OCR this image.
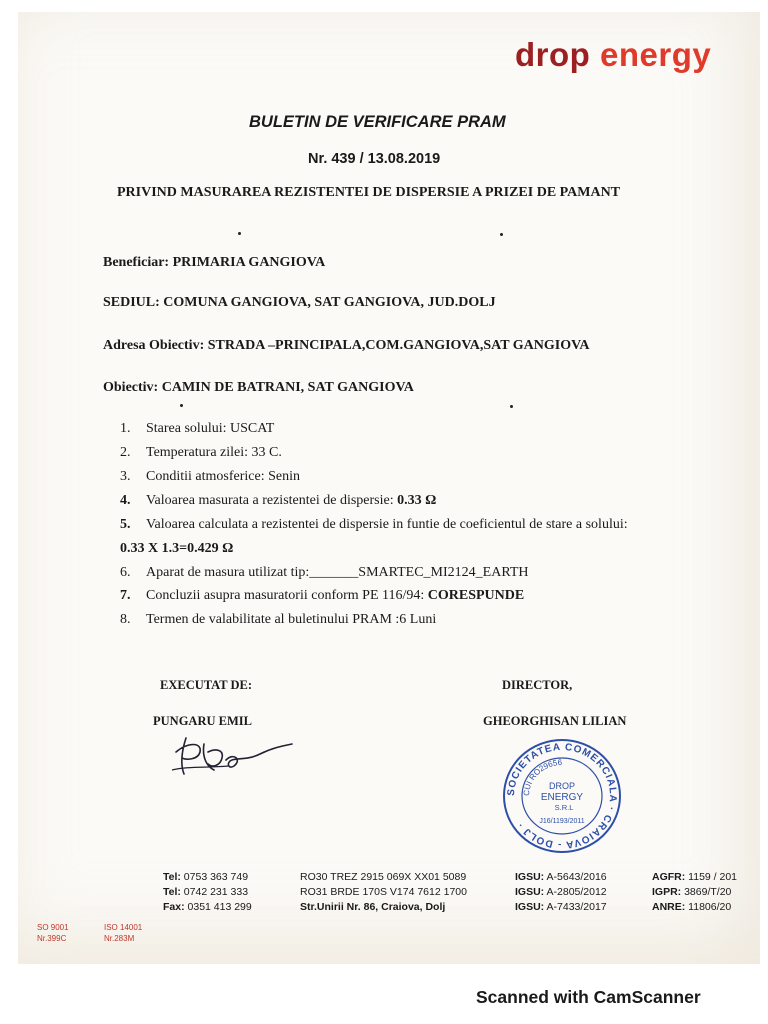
drop energy
BULETIN DE VERIFICARE PRAM
Nr. 439 / 13.08.2019
PRIVIND MASURAREA REZISTENTEI DE DISPERSIE A PRIZEI DE PAMANT
Beneficiar: PRIMARIA GANGIOVA
SEDIUL: COMUNA GANGIOVA, SAT GANGIOVA, JUD.DOLJ
Adresa Obiectiv: STRADA –PRINCIPALA,COM.GANGIOVA,SAT GANGIOVA
Obiectiv: CAMIN DE BATRANI, SAT GANGIOVA
1. Starea solului: USCAT
2. Temperatura zilei: 33 C.
3. Conditii atmosferice: Senin
4. Valoarea masurata a rezistentei de dispersie: 0.33 Ω
5. Valoarea calculata a rezistentei de dispersie in funtie de coeficientul de stare a solului:
0.33 X 1.3=0.429 Ω
6. Aparat de masura utilizat tip:_______SMARTEC_MI2124_EARTH
7. Concluzii asupra masuratorii conform PE 116/94: CORESPUNDE
8. Termen de valabilitate al buletinului PRAM :6 Luni
EXECUTAT DE:	DIRECTOR,
PUNGARU EMIL	GHEORGHISAN LILIAN
SOCIETATEA COMERCIALA · CRAIOVA - DOLJ ·
CUI RO29656
DROP
ENERGY
S.R.L
J16/1193/2011
Tel: 0753 363 749
Tel: 0742 231 333
Fax: 0351 413 299
RO30 TREZ 2915 069X XX01 5089
RO31 BRDE 170S V174 7612 1700
Str.Unirii Nr. 86, Craiova, Dolj
IGSU: A-5643/2016
IGSU: A-2805/2012
IGSU: A-7433/2017
AGFR: 1159 / 201
IGPR: 3869/T/20
ANRE: 11806/20
SO 9001
Nr.399C
ISO 14001
Nr.283M
Scanned with CamScanner
